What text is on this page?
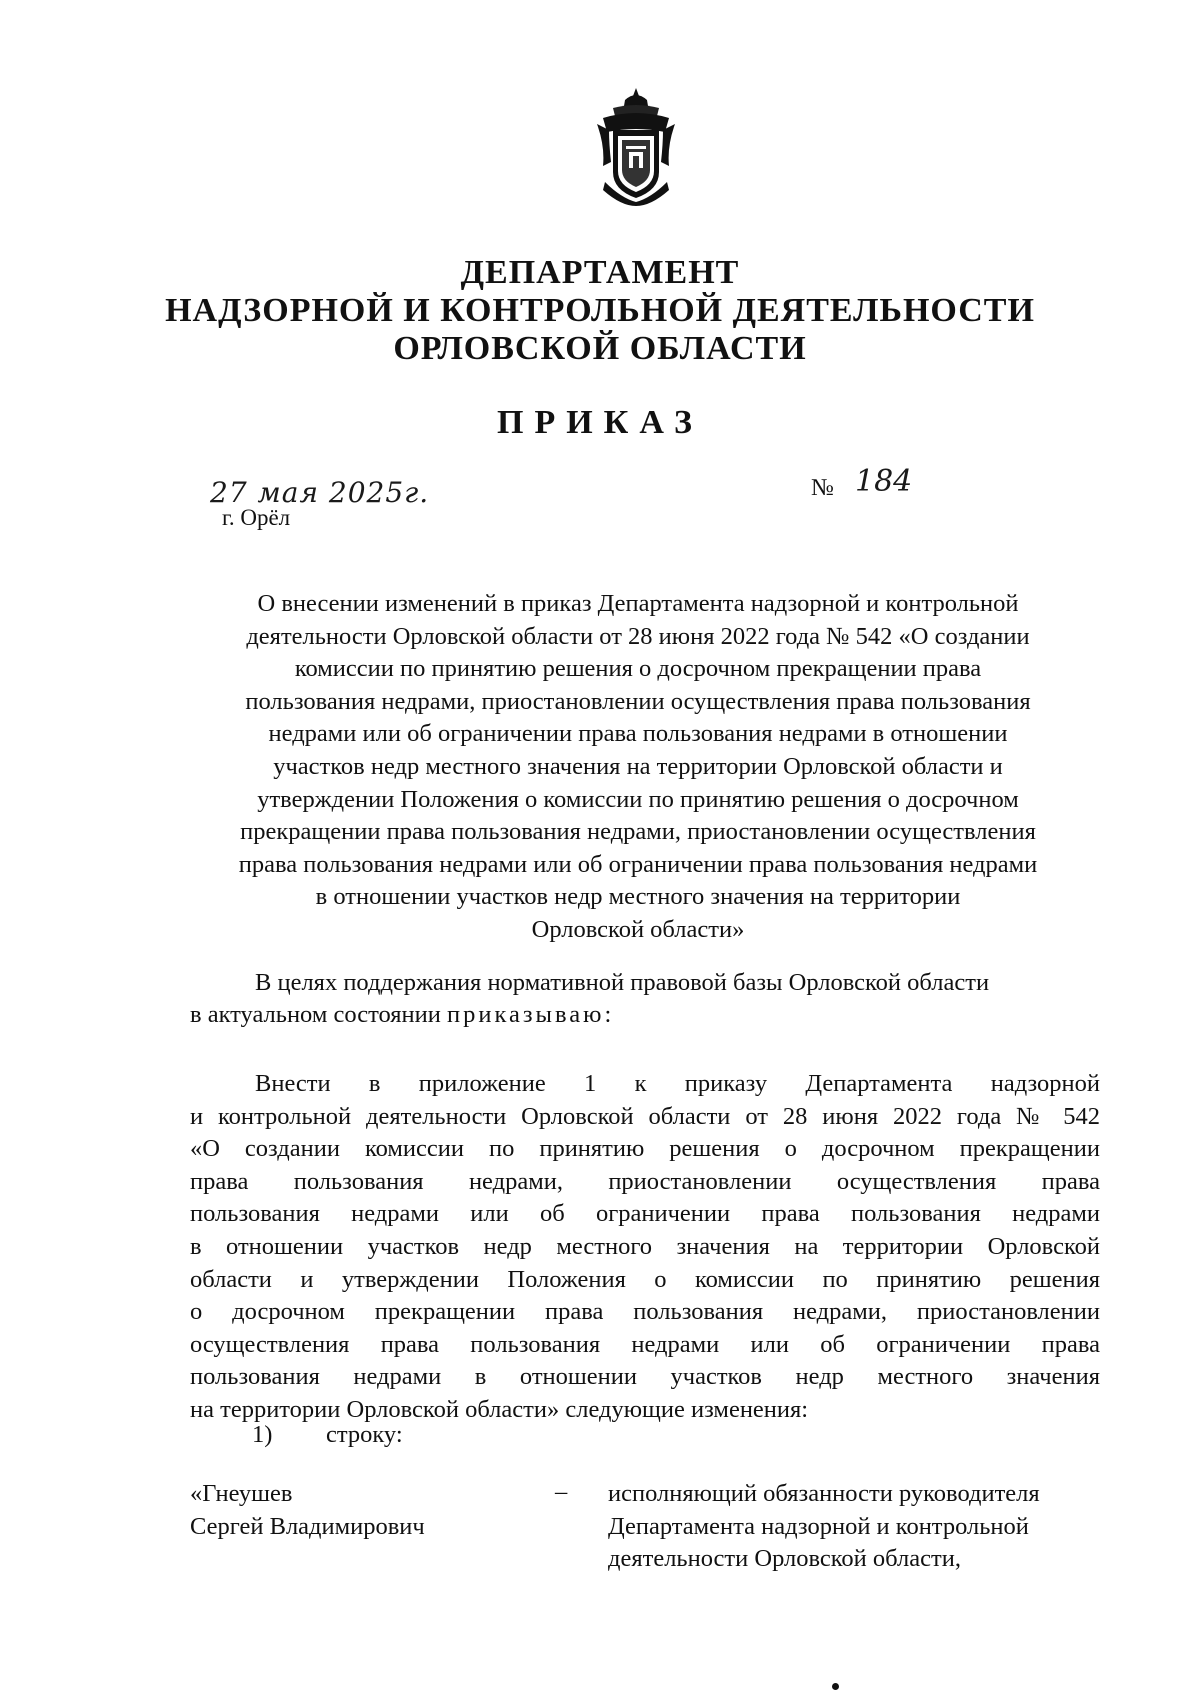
ДЕПАРТАМЕНТ
НАДЗОРНОЙ И КОНТРОЛЬНОЙ ДЕЯТЕЛЬНОСТИ
ОРЛОВСКОЙ ОБЛАСТИ
ПРИКАЗ
27 мая 2025г.	№ 184
г. Орёл
О внесении изменений в приказ Департамента надзорной и контрольной
деятельности Орловской области от 28 июня 2022 года № 542 «О создании
комиссии по принятию решения о досрочном прекращении права
пользования недрами, приостановлении осуществления права пользования
недрами или об ограничении права пользования недрами в отношении
участков недр местного значения на территории Орловской области и
утверждении Положения о комиссии по принятию решения о досрочном
прекращении права пользования недрами, приостановлении осуществления
права пользования недрами или об ограничении права пользования недрами
в отношении участков недр местного значения на территории
Орловской области»
В целях поддержания нормативной правовой базы Орловской области
в актуальном состоянии приказываю:
Внести в приложение 1 к приказу Департамента надзорной
и контрольной деятельности Орловской области от 28 июня 2022 года № 542
«О создании комиссии по принятию решения о досрочном прекращении
права пользования недрами, приостановлении осуществления права
пользования недрами или об ограничении права пользования недрами
в отношении участков недр местного значения на территории Орловской
области и утверждении Положения о комиссии по принятию решения
о досрочном прекращении права пользования недрами, приостановлении
осуществления права пользования недрами или об ограничении права
пользования недрами в отношении участков недр местного значения
на территории Орловской области» следующие изменения:
1) строку:
«Гнеушев
Сергей Владимирович
– исполняющий обязанности руководителя
Департамента надзорной и контрольной
деятельности Орловской области,
